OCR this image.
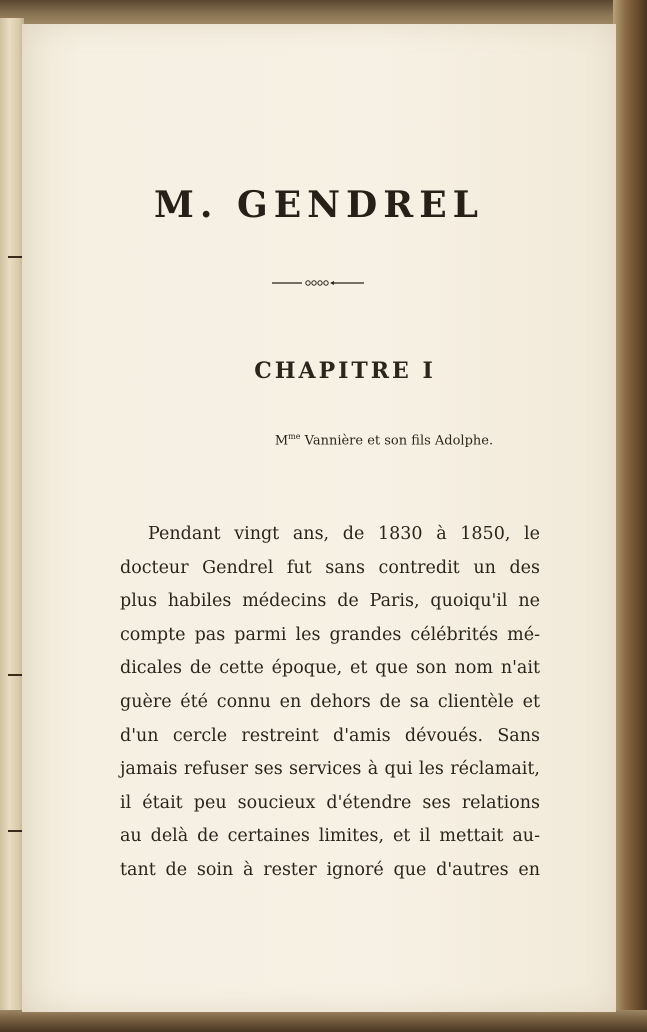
M. GENDREL
CHAPITRE I
$M^{me}$ Vannière et son fils Adolphe.
Pendant vingt ans, de 1830 à 1850, le
docteur Gendrel fut sans contredit un des
plus habiles médecins de Paris, quoiqu'il ne
compte pas parmi les grandes célébrités mé-
dicales de cette époque, et que son nom n'ait
guère été connu en dehors de sa clientèle et
d'un cercle restreint d'amis dévoués. Sans
jamais refuser ses services à qui les réclamait,
il était peu soucieux d'étendre ses relations
au delà de certaines limites, et il mettait au-
tant de soin à rester ignoré que d'autres en
